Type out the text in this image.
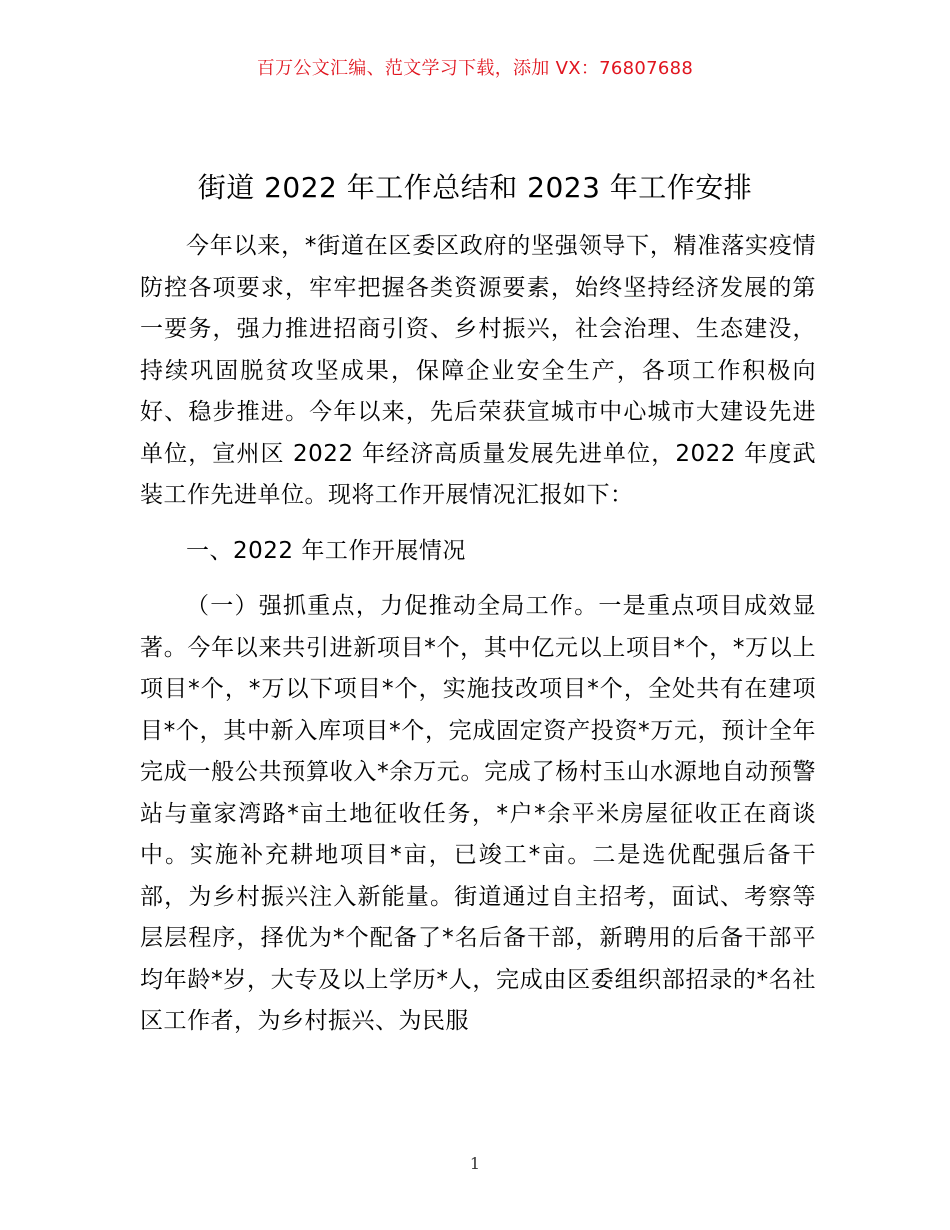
百万公文汇编、范文学习下载，添加 VX：76807688
街道 2022 年工作总结和 2023 年工作安排

今年以来，*街道在区委区政府的坚强领导下，精准落实疫情防控各项要求，牢牢把握各类资源要素，始终坚持经济发展的第一要务，强力推进招商引资、乡村振兴，社会治理、生态建没，持续巩固脱贫攻坚成果，保障企业安全生产，各项工作积极向好、稳步推进。今年以来，先后荣获宣城市中心城市大建设先进单位，宣州区 2022 年经济高质量发展先进单位，2022 年度武装工作先进单位。现将工作开展情况汇报如下：

一、2022 年工作开展情况

（一）强抓重点，力促推动全局工作。一是重点项目成效显著。今年以来共引进新项目*个，其中亿元以上项目*个，*万以上项目*个，*万以下项目*个，实施技改项目*个，全处共有在建项目*个，其中新入库项目*个，完成固定资产投资*万元，预计全年完成一般公共预算收入*余万元。完成了杨村玉山水源地自动预警站与童家湾路*亩土地征收任务，*户*余平米房屋征收正在商谈中。实施补充耕地项目*亩，已竣工*亩。二是选优配强后备干部，为乡村振兴注入新能量。街道通过自主招考，面试、考察等层层程序，择优为*个配备了*名后备干部，新聘用的后备干部平均年龄*岁，大专及以上学历*人，完成由区委组织部招录的*名社区工作者，为乡村振兴、为民服

1
